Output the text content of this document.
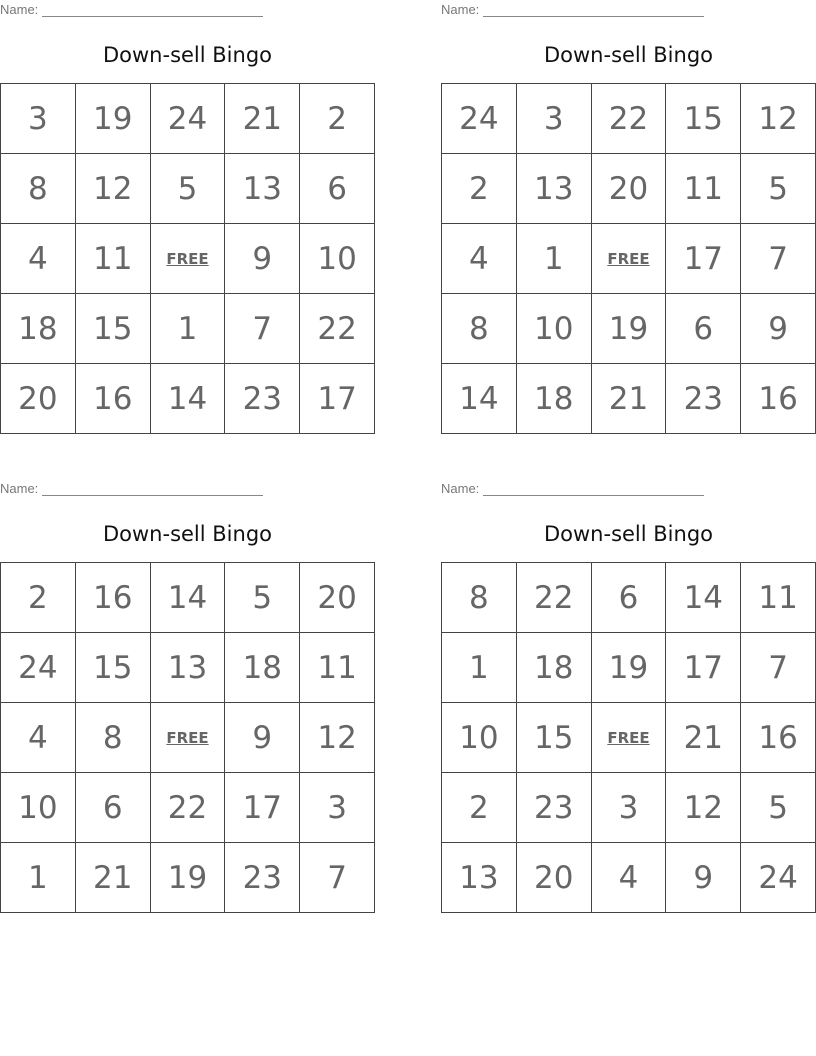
Name:
Down-sell Bingo
3	19	24	21	2
8	12	5	13	6
4	11	FREE	9	10
18	15	1	7	22
20	16	14	23	17
Name:
Down-sell Bingo
24	3	22	15	12
2	13	20	11	5
4	1	FREE	17	7
8	10	19	6	9
14	18	21	23	16
Name:
Down-sell Bingo
2	16	14	5	20
24	15	13	18	11
4	8	FREE	9	12
10	6	22	17	3
1	21	19	23	7
Name:
Down-sell Bingo
8	22	6	14	11
1	18	19	17	7
10	15	FREE	21	16
2	23	3	12	5
13	20	4	9	24
